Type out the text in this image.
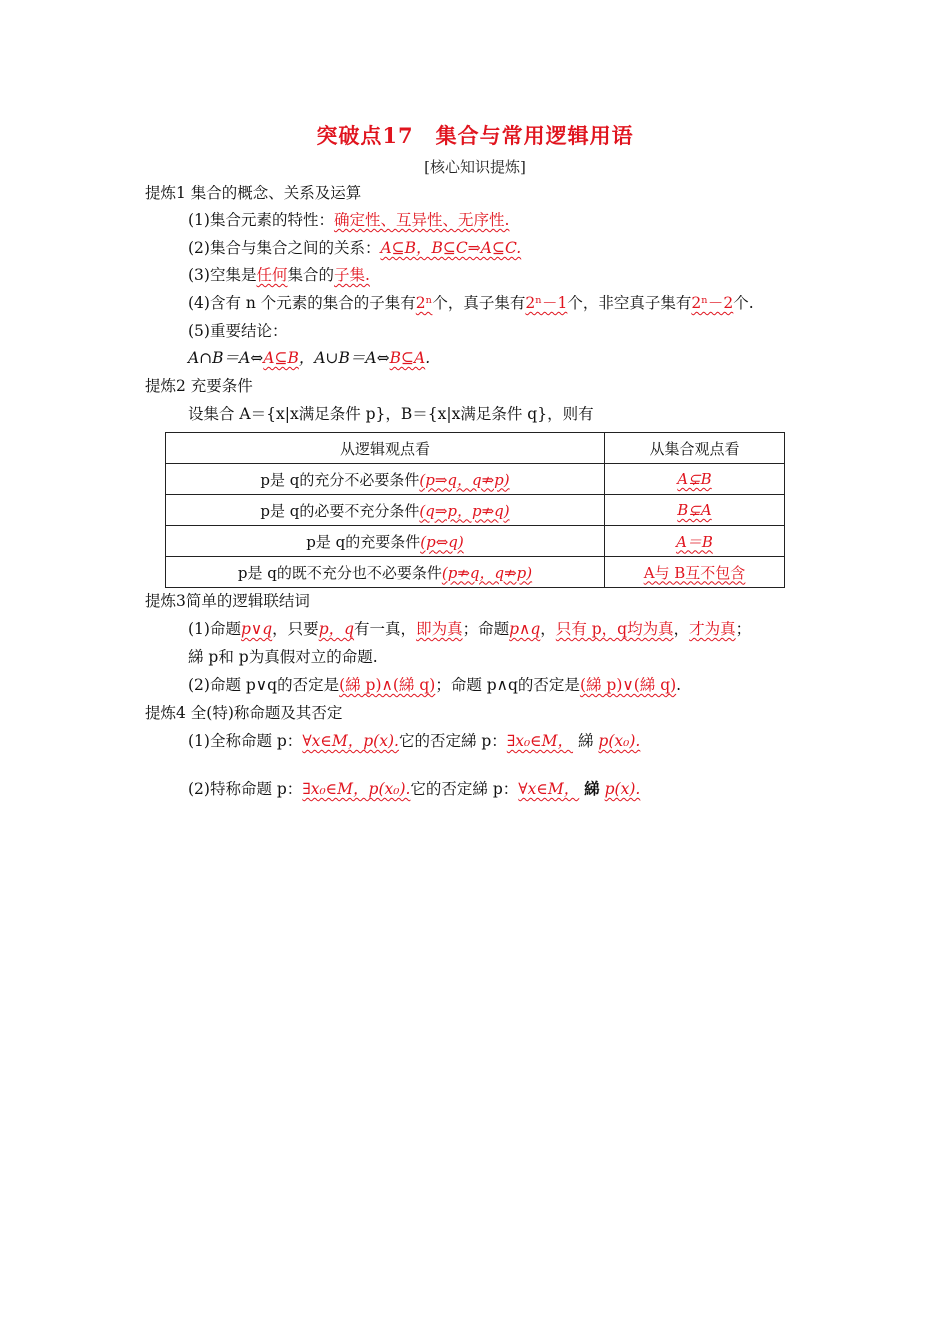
突破点17 集合与常用逻辑用语
[核心知识提炼]
提炼1 集合的概念、关系及运算
(1)集合元素的特性：确定性、互异性、无序性.
(2)集合与集合之间的关系：A⊆B，B⊆C⇒A⊆C.
(3)空集是任何集合的子集.
(4)含有 n 个元素的集合的子集有2ⁿ个，真子集有2ⁿ－1个，非空真子集有2ⁿ－2个.
(5)重要结论：
A∩B＝A⇔A⊆B，A∪B＝A⇔B⊆A.
提炼2 充要条件
设集合 A＝{x|x满足条件 p}，B＝{x|x满足条件 q}，则有
从逻辑观点看	从集合观点看
p是 q的充分不必要条件(p⇒q，q⇏p)	A⊊B
p是 q的必要不充分条件(q⇒p，p⇏q)	B⊊A
p是 q的充要条件(p⇔q)	A＝B
p是 q的既不充分也不必要条件(p⇏q，q⇏p)	A与 B互不包含
提炼3简单的逻辑联结词
(1)命题p∨q，只要p，q有一真，即为真；命题p∧q，只有 p，q均为真，才为真；
綈 p和 p为真假对立的命题.
(2)命题 p∨q的否定是(綈 p)∧(綈 q)；命题 p∧q的否定是(綈 p)∨(綈 q).
提炼4 全(特)称命题及其否定
(1)全称命题 p：∀x∈M，p(x).它的否定綈 p：∃x₀∈M， 綈 p(x₀).
(2)特称命题 p：∃x₀∈M，p(x₀).它的否定綈 p：∀x∈M， 綈 p(x).
